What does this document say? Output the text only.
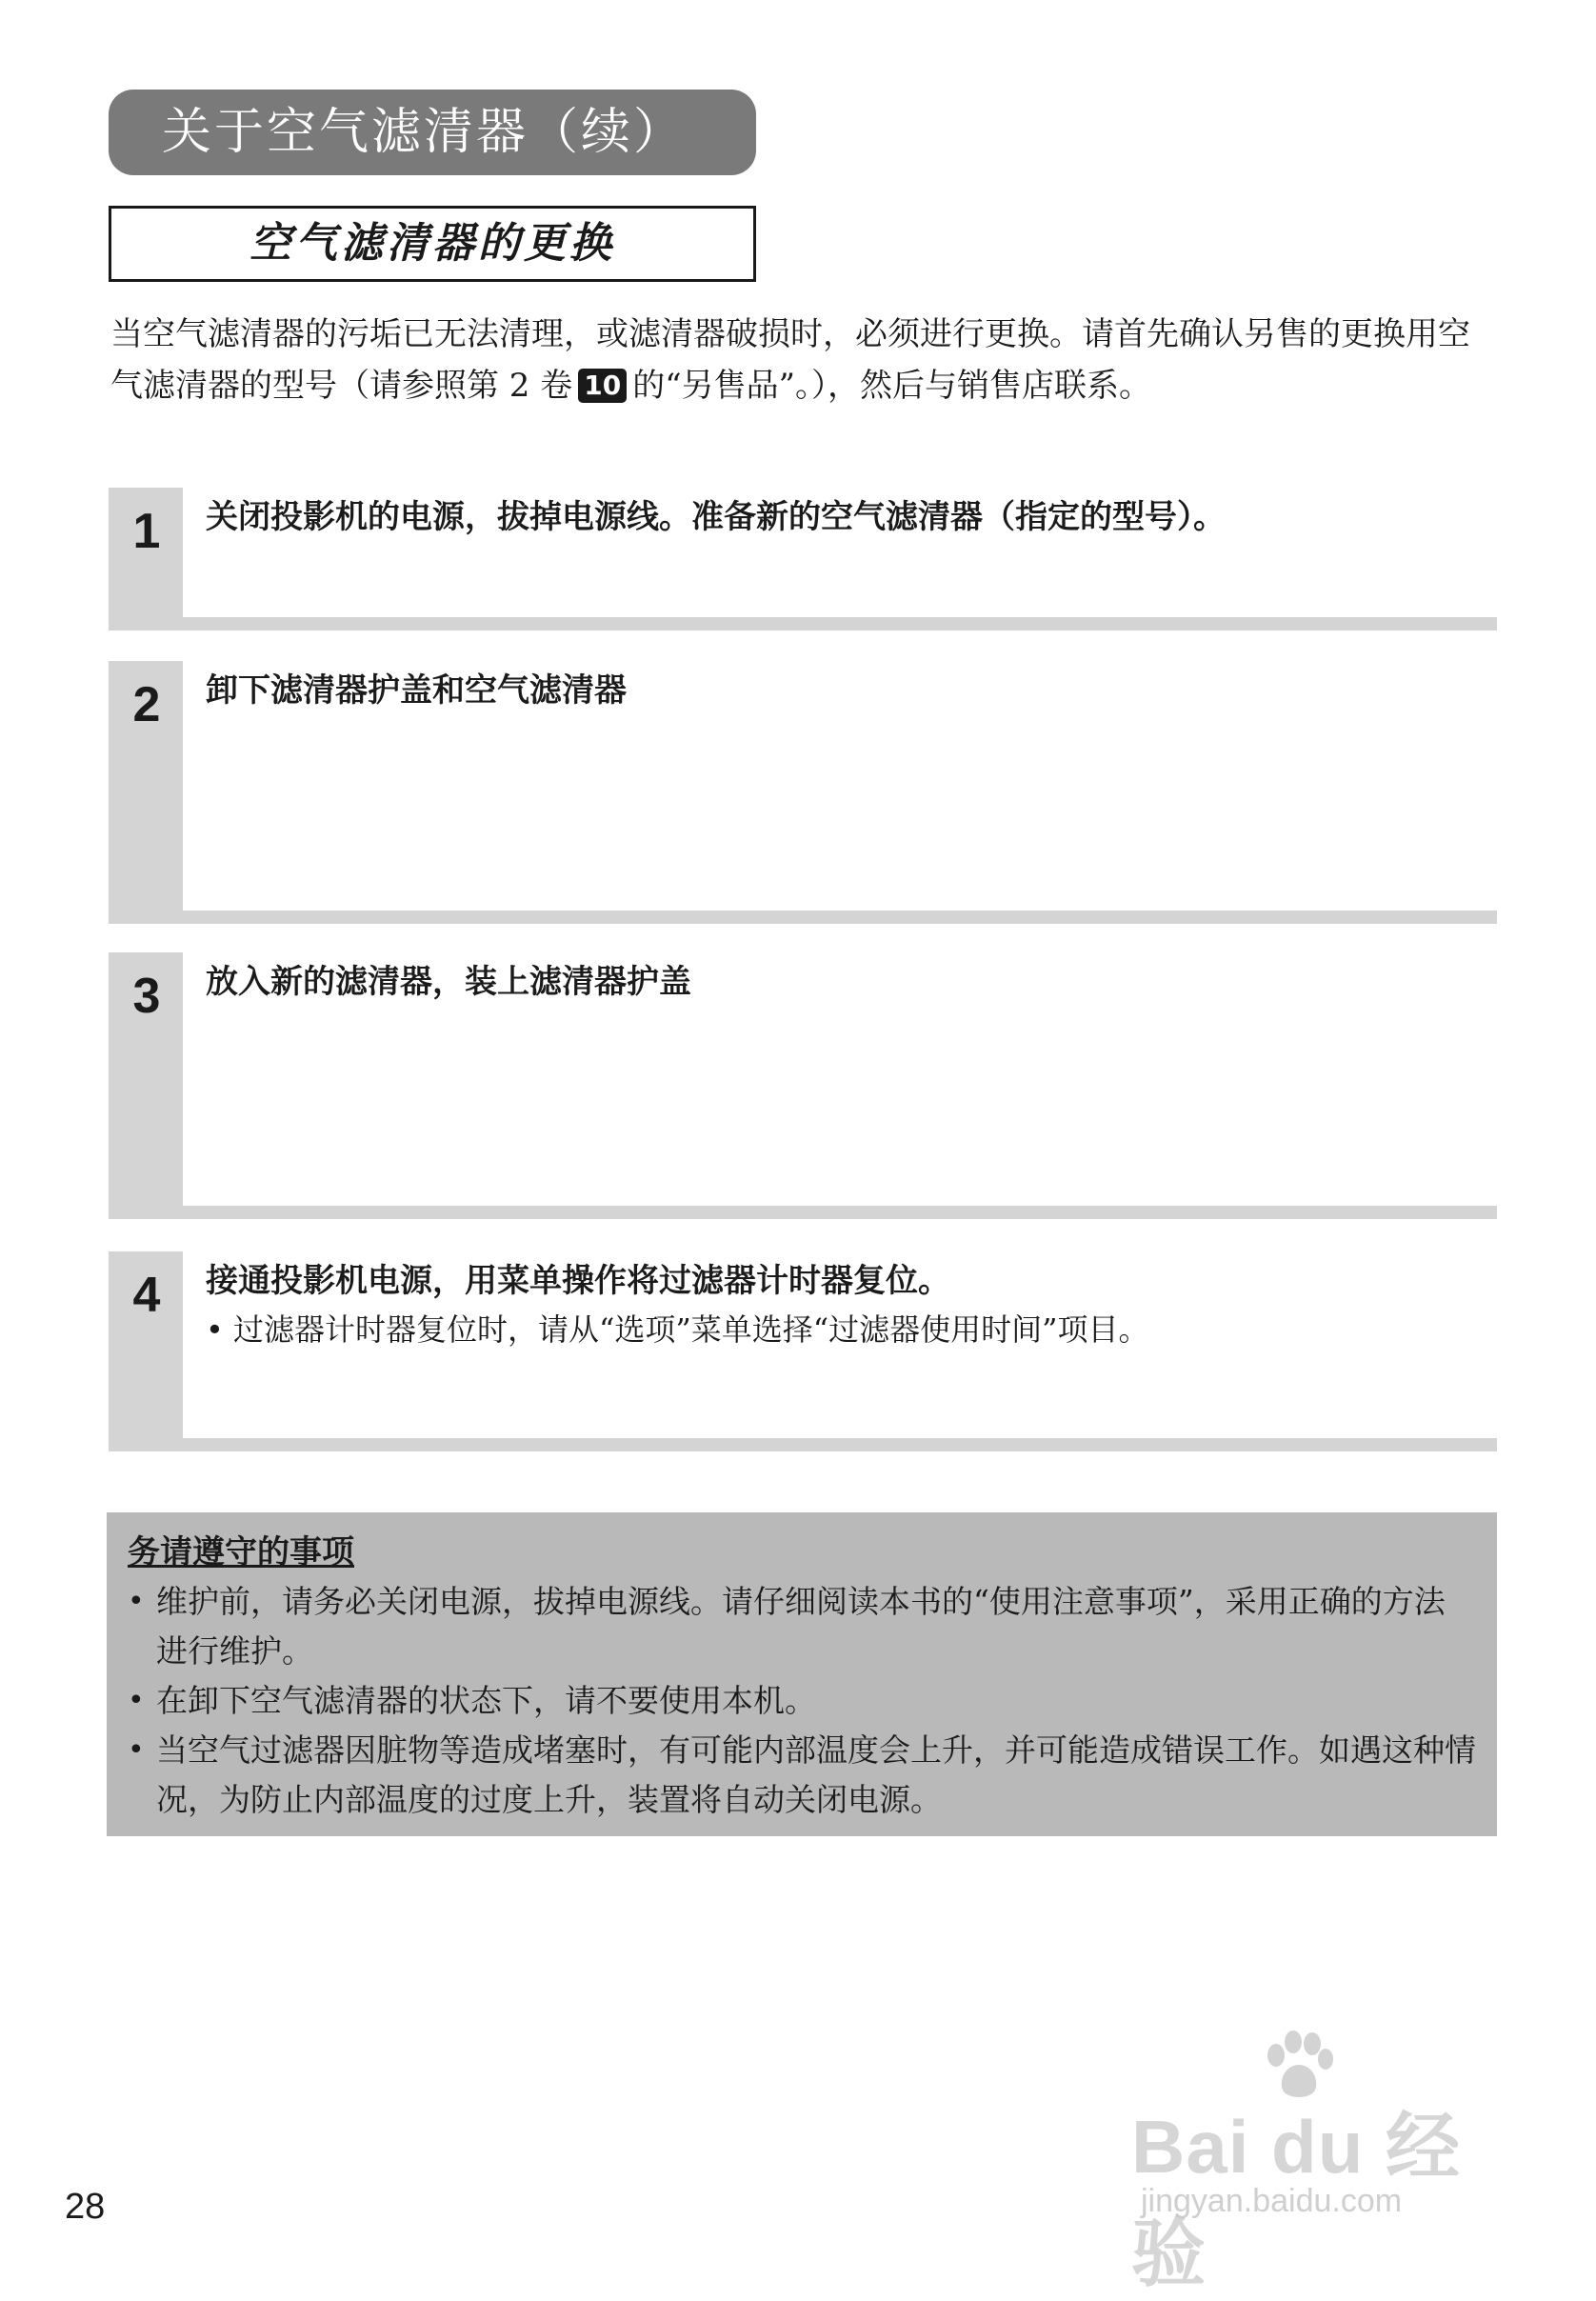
关于空气滤清器（续）
空气滤清器的更换

当空气滤清器的污垢已无法清理，或滤清器破损时，必须进行更换。请首先确认另售的更换用空气滤清器的型号（请参照第 2 卷 10 的“另售品”。），然后与销售店联系。

1 关闭投影机的电源，拔掉电源线。准备新的空气滤清器（指定的型号）。

2 卸下滤清器护盖和空气滤清器

3 放入新的滤清器，装上滤清器护盖

4 接通投影机电源，用菜单操作将过滤器计时器复位。

• 过滤器计时器复位时，请从“选项”菜单选择“过滤器使用时间”项目。

务请遵守的事项

• 维护前，请务必关闭电源，拔掉电源线。请仔细阅读本书的“使用注意事项”，采用正确的方法进行维护。
• 在卸下空气滤清器的状态下，请不要使用本机。
• 当空气过滤器因脏物等造成堵塞时，有可能内部温度会上升，并可能造成错误工作。如遇这种情况，为防止内部温度的过度上升，装置将自动关闭电源。
28
Bai du 经验
jingyan.baidu.com
